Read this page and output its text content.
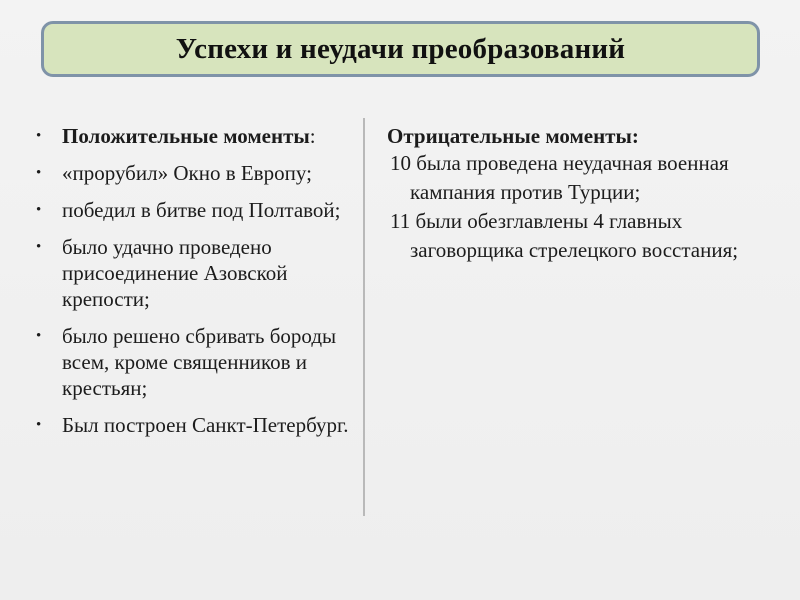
Успехи и неудачи преобразований
• Положительные моменты:
• «прорубил» Окно в Европу;
• победил в битве под Полтавой;
• было удачно проведено присоединение Азовской крепости;
• было решено сбривать бороды всем, кроме священников и крестьян;
• Был построен Санкт-Петербург.
Отрицательные моменты:
10 была проведена неудачная военная кампания против Турции;
11 были обезглавлены 4 главных заговорщика стрелецкого восстания;
